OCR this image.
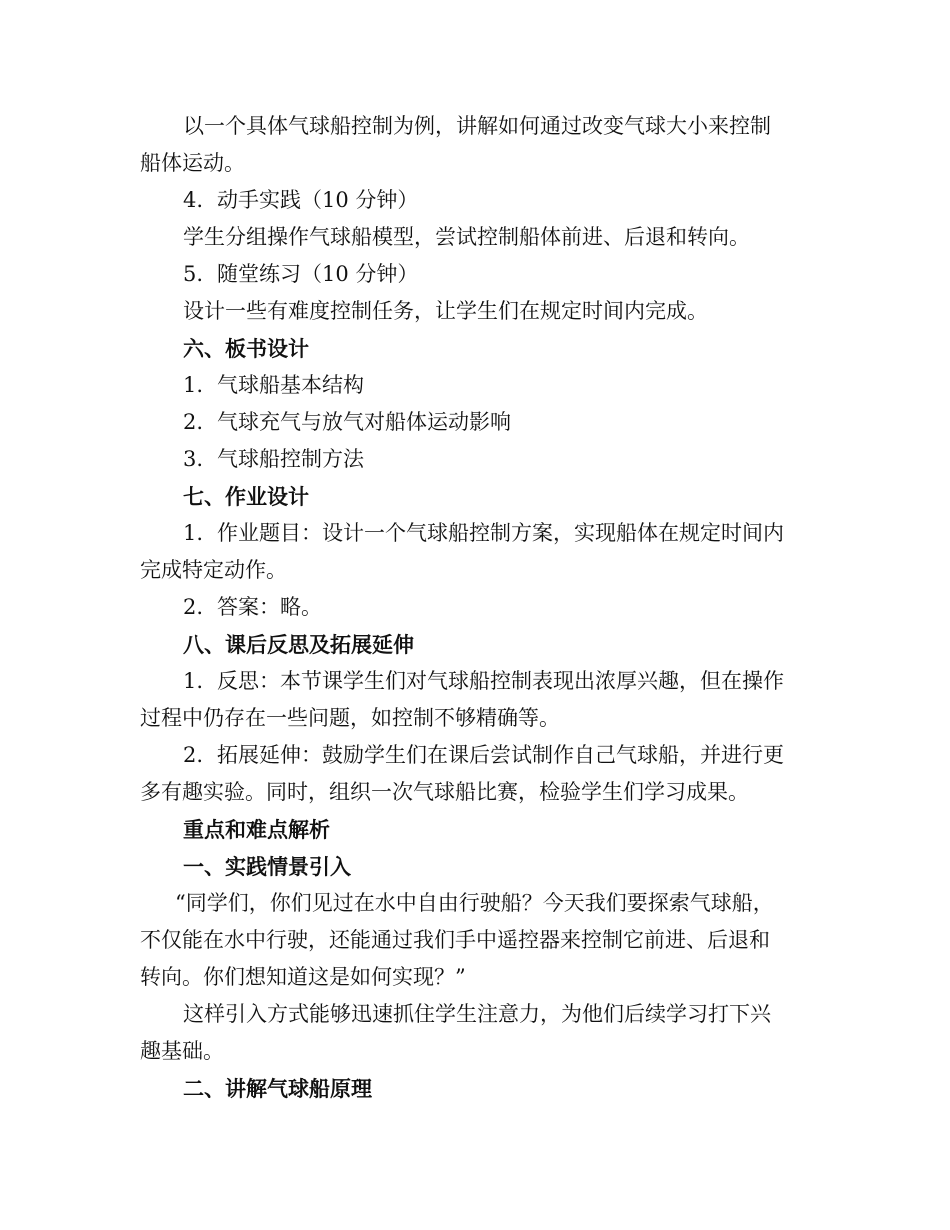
以一个具体气球船控制为例，讲解如何通过改变气球大小来控制

船体运动。

4. 动手实践（10 分钟）

学生分组操作气球船模型，尝试控制船体前进、后退和转向。

5. 随堂练习（10 分钟）

设计一些有难度控制任务，让学生们在规定时间内完成。

六、板书设计

1. 气球船基本结构

2. 气球充气与放气对船体运动影响

3. 气球船控制方法

七、作业设计

1. 作业题目：设计一个气球船控制方案，实现船体在规定时间内

完成特定动作。

2. 答案：略。

八、课后反思及拓展延伸

1. 反思：本节课学生们对气球船控制表现出浓厚兴趣，但在操作

过程中仍存在一些问题，如控制不够精确等。

2. 拓展延伸：鼓励学生们在课后尝试制作自己气球船，并进行更

多有趣实验。同时，组织一次气球船比赛，检验学生们学习成果。

重点和难点解析

一、实践情景引入

“同学们，你们见过在水中自由行驶船？今天我们要探索气球船，

不仅能在水中行驶，还能通过我们手中遥控器来控制它前进、后退和

转向。你们想知道这是如何实现？”

这样引入方式能够迅速抓住学生注意力，为他们后续学习打下兴

趣基础。

二、讲解气球船原理
